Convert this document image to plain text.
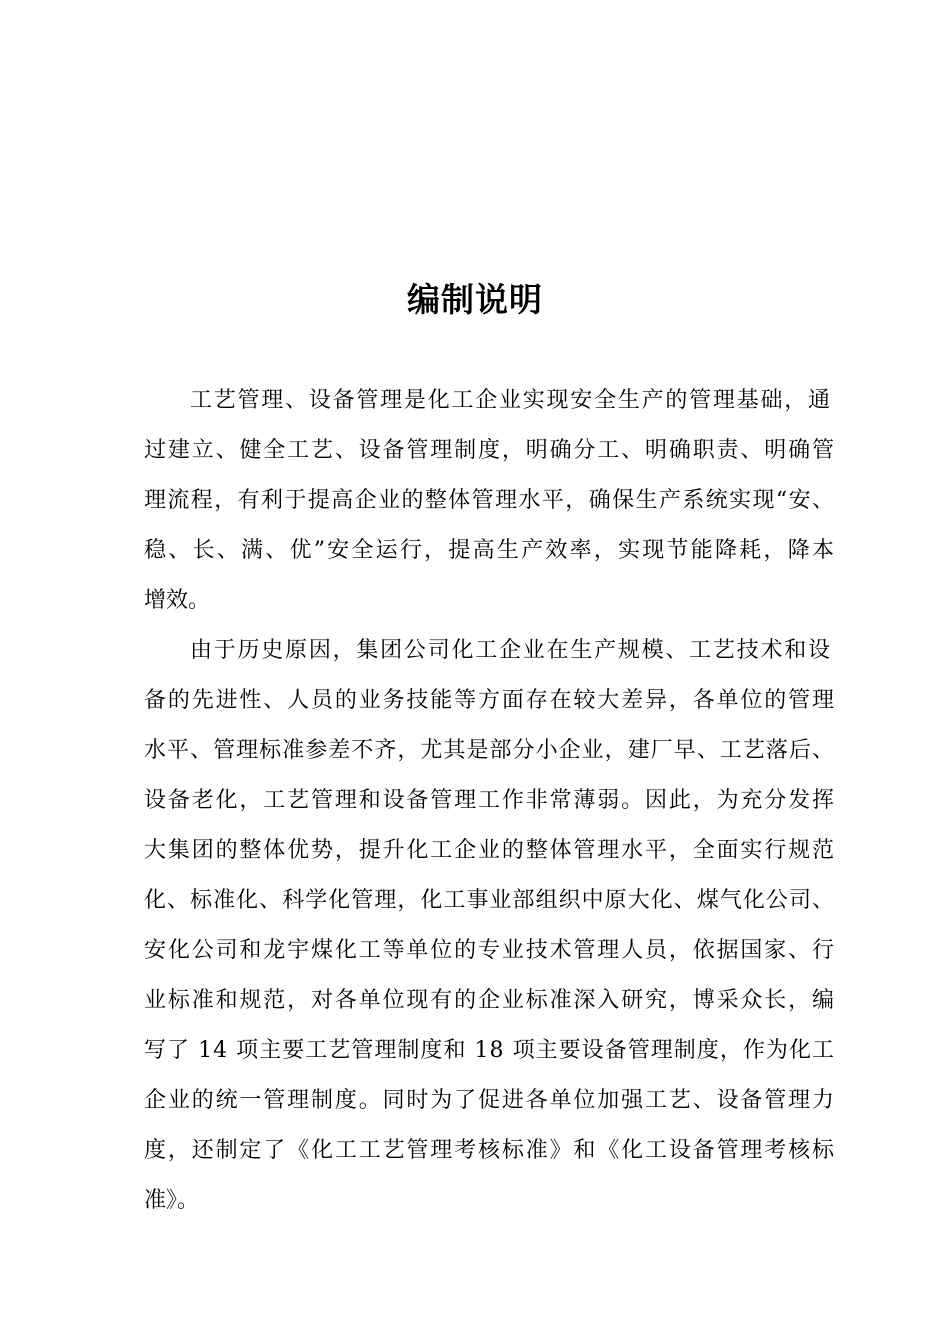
编制说明
工艺管理、设备管理是化工企业实现安全生产的管理基础，通
过建立、健全工艺、设备管理制度，明确分工、明确职责、明确管
理流程，有利于提高企业的整体管理水平，确保生产系统实现“安、
稳、长、满、优”安全运行，提高生产效率，实现节能降耗，降本
增效。
由于历史原因，集团公司化工企业在生产规模、工艺技术和设
备的先进性、人员的业务技能等方面存在较大差异，各单位的管理
水平、管理标准参差不齐，尤其是部分小企业，建厂早、工艺落后、
设备老化，工艺管理和设备管理工作非常薄弱。因此，为充分发挥
大集团的整体优势，提升化工企业的整体管理水平，全面实行规范
化、标准化、科学化管理，化工事业部组织中原大化、煤气化公司、
安化公司和龙宇煤化工等单位的专业技术管理人员，依据国家、行
业标准和规范，对各单位现有的企业标准深入研究，博采众长，编
写了 14 项主要工艺管理制度和 18 项主要设备管理制度，作为化工
企业的统一管理制度。同时为了促进各单位加强工艺、设备管理力
度，还制定了《化工工艺管理考核标准》和《化工设备管理考核标
准》。
